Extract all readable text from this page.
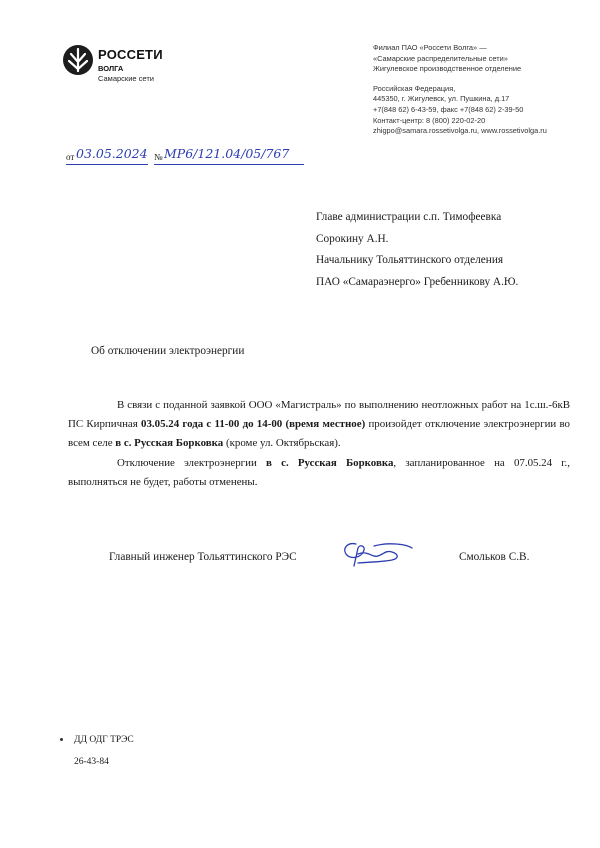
РОССЕТИ
ВОЛГА
Самарские сети
Филиал ПАО «Россети Волга» —
«Самарские распределительные сети»
Жигулевское производственное отделение
Российская Федерация,
445350, г. Жигулевск, ул. Пушкина, д.17
+7(848 62) 6-43-59, факс +7(848 62) 2-39-50
Контакт-центр: 8 (800) 220-02-20
zhigpo@samara.rossetivolga.ru, www.rossetivolga.ru
от 03.05.2024 № МР6/121.04/05/767
Главе администрации с.п. Тимофеевка
Сорокину А.Н.
Начальнику Тольяттинского отделения
ПАО «Самараэнерго» Гребенникову А.Ю.
Об отключении электроэнергии

В связи с поданной заявкой ООО «Магистраль» по выполнению неотложных работ на 1с.ш.-6кВ ПС Кирпичная 03.05.24 года с 11-00 до 14-00 (время местное) произойдет отключение электроэнергии во всем селе в с. Русская Борковка (кроме ул. Октябрьская).

Отключение электроэнергии в с. Русская Борковка, запланированное на 07.05.24 г., выполняться не будет, работы отменены.

Главный инженер Тольяттинского РЭС	Смольков С.В.
ДД ОДГ ТРЭС
26-43-84
